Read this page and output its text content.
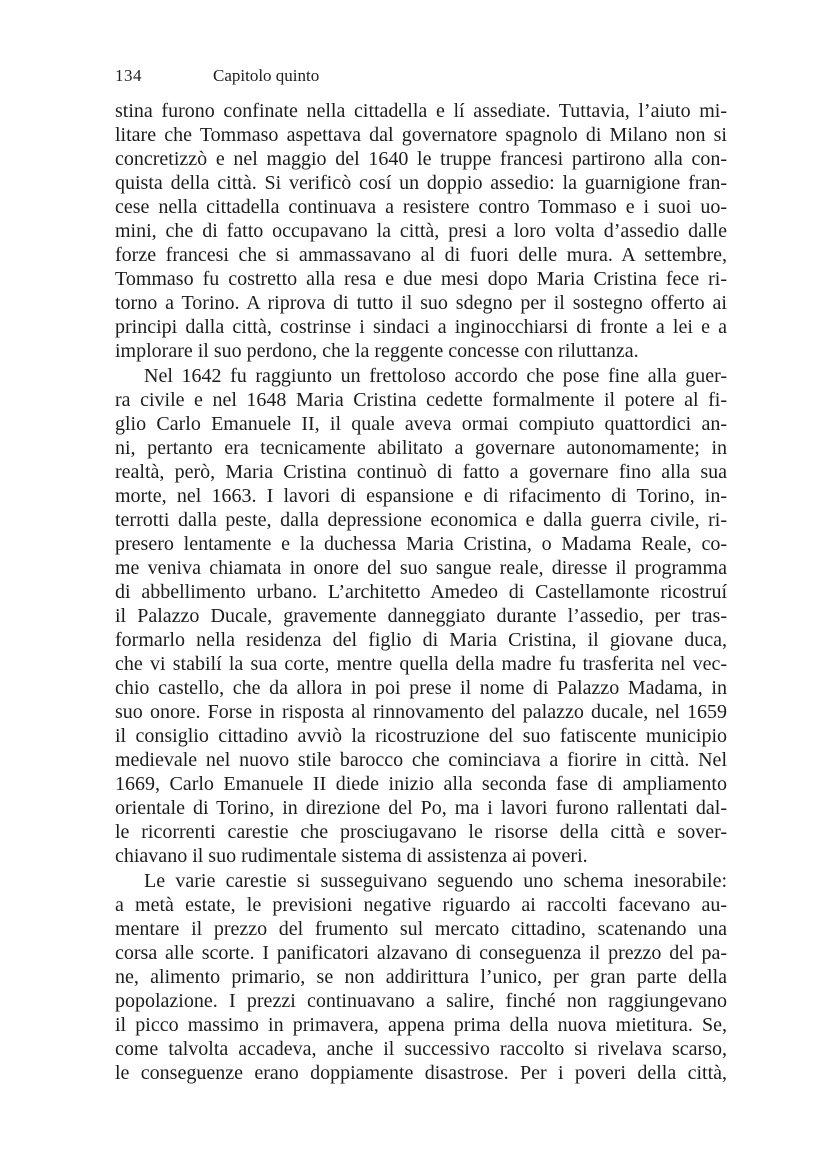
134	Capitolo quinto
stina furono confinate nella cittadella e lí assediate. Tuttavia, l’aiuto mi-
litare che Tommaso aspettava dal governatore spagnolo di Milano non si
concretizzò e nel maggio del 1640 le truppe francesi partirono alla con-
quista della città. Si verificò cosí un doppio assedio: la guarnigione fran-
cese nella cittadella continuava a resistere contro Tommaso e i suoi uo-
mini, che di fatto occupavano la città, presi a loro volta d’assedio dalle
forze francesi che si ammassavano al di fuori delle mura. A settembre,
Tommaso fu costretto alla resa e due mesi dopo Maria Cristina fece ri-
torno a Torino. A riprova di tutto il suo sdegno per il sostegno offerto ai
principi dalla città, costrinse i sindaci a inginocchiarsi di fronte a lei e a
implorare il suo perdono, che la reggente concesse con riluttanza.
Nel 1642 fu raggiunto un frettoloso accordo che pose fine alla guer-
ra civile e nel 1648 Maria Cristina cedette formalmente il potere al fi-
glio Carlo Emanuele II, il quale aveva ormai compiuto quattordici an-
ni, pertanto era tecnicamente abilitato a governare autonomamente; in
realtà, però, Maria Cristina continuò di fatto a governare fino alla sua
morte, nel 1663. I lavori di espansione e di rifacimento di Torino, in-
terrotti dalla peste, dalla depressione economica e dalla guerra civile, ri-
presero lentamente e la duchessa Maria Cristina, o Madama Reale, co-
me veniva chiamata in onore del suo sangue reale, diresse il programma
di abbellimento urbano. L’architetto Amedeo di Castellamonte ricostruí
il Palazzo Ducale, gravemente danneggiato durante l’assedio, per tras-
formarlo nella residenza del figlio di Maria Cristina, il giovane duca,
che vi stabilí la sua corte, mentre quella della madre fu trasferita nel vec-
chio castello, che da allora in poi prese il nome di Palazzo Madama, in
suo onore. Forse in risposta al rinnovamento del palazzo ducale, nel 1659
il consiglio cittadino avviò la ricostruzione del suo fatiscente municipio
medievale nel nuovo stile barocco che cominciava a fiorire in città. Nel
1669, Carlo Emanuele II diede inizio alla seconda fase di ampliamento
orientale di Torino, in direzione del Po, ma i lavori furono rallentati dal-
le ricorrenti carestie che prosciugavano le risorse della città e sover-
chiavano il suo rudimentale sistema di assistenza ai poveri.
Le varie carestie si susseguivano seguendo uno schema inesorabile:
a metà estate, le previsioni negative riguardo ai raccolti facevano au-
mentare il prezzo del frumento sul mercato cittadino, scatenando una
corsa alle scorte. I panificatori alzavano di conseguenza il prezzo del pa-
ne, alimento primario, se non addirittura l’unico, per gran parte della
popolazione. I prezzi continuavano a salire, finché non raggiungevano
il picco massimo in primavera, appena prima della nuova mietitura. Se,
come talvolta accadeva, anche il successivo raccolto si rivelava scarso,
le conseguenze erano doppiamente disastrose. Per i poveri della città,
